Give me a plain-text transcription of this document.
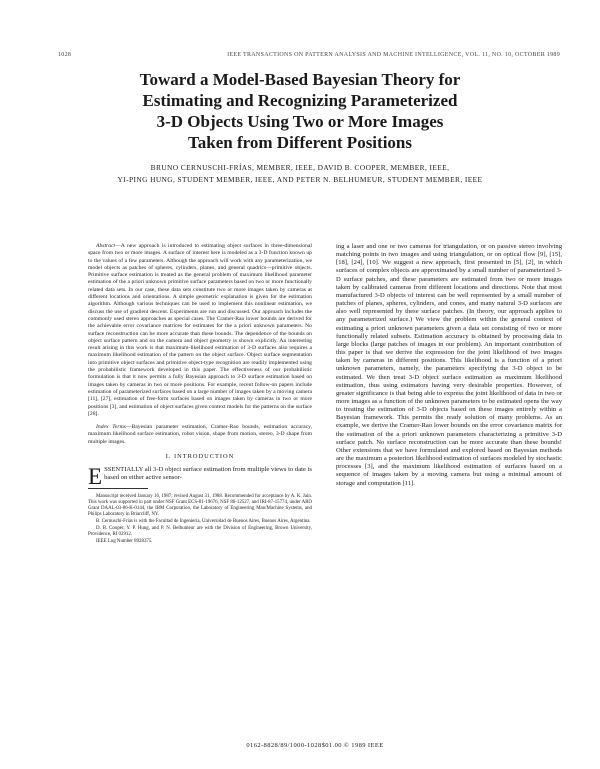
1028	IEEE TRANSACTIONS ON PATTERN ANALYSIS AND MACHINE INTELLIGENCE, VOL. 11, NO. 10, OCTOBER 1989
Toward a Model-Based Bayesian Theory for
Estimating and Recognizing Parameterized
3-D Objects Using Two or More Images
Taken from Different Positions
BRUNO CERNUSCHI-FRÍAS, MEMBER, IEEE, DAVID B. COOPER, MEMBER, IEEE,
YI-PING HUNG, STUDENT MEMBER, IEEE, AND PETER N. BELHUMEUR, STUDENT MEMBER, IEEE

Abstract—A new approach is introduced to estimating object surfaces in three-dimensional space from two or more images. A surface of interest here is modeled as a 3-D function known up to the values of a few parameters. Although the approach will work with any parameterization, we model objects as patches of spheres, cylinders, planes, and general quadrics—primitive objects. Primitive surface estimation is treated as the general problem of maximum likelihood parameter estimation of the a priori unknown primitive surface parameters based on two or more functionally related data sets. In our case, these data sets constitute two or more images taken by cameras at different locations and orientations. A simple geometric explanation is given for the estimation algorithm. Although various techniques can be used to implement this nonlinear estimation, we discuss the use of gradient descent. Experiments are run and discussed. Our approach includes the commonly used stereo approaches as special cases. The Cramer-Rao lower bounds are derived for the achievable error covariance matrices for estimates for the a priori unknown parameters. No surface reconstruction can be more accurate than these bounds. The dependence of the bounds on object surface pattern and on the camera and object geometry is shown explicitly. An interesting result arising in this work is that maximum-likelihood estimation of 3-D surfaces also requires a maximum likelihood estimation of the pattern on the object surface. Object surface segmentation into primitive object surfaces and primitive object-type recognition are readily implemented using the probabilistic framework developed in this paper. The effectiveness of our probabilistic formulation is that it now permits a fully Bayesian approach to 3-D surface estimation based on images taken by cameras in two or more positions. For example, recent follow-on papers include estimation of parameterized surfaces based on a large number of images taken by a moving camera [11], [27], estimation of free-form surfaces based on images taken by cameras in two or more positions [3], and estimation of object surfaces given context models for the patterns on the surface [28].

Index Terms—Bayesian parameter estimation, Cramer-Rao bounds, estimation accuracy, maximum likelihood surface estimation, robot vision, shape from motion, stereo, 3-D shape from multiple images.

I. INTRODUCTION

ESSENTIALLY all 3-D object surface estimation from multiple views to date is based on either active sensor-

Manuscript received January 16, 1987; revised August 31, 1988. Recommended for acceptance by A. K. Jain. This work was supported in part under NSF Grant ECS-81-19676, NSF 86-12527, and IRI-87-15774, under ARO Grant DAAL-03-86-K-0144, the IBM Corporation, the Laboratory of Engineering Man/Machine Systems, and Philips Laboratory in Briarcliff, NY.

B. Cernuschi-Frías is with the Facultad de Ingeniería, Universidad de Buenos Aires, Buenos Aires, Argentina.

D. B. Cooper, Y. P. Hung, and P. N. Belhumeur are with the Division of Engineering, Brown University, Providence, RI 02912.

IEEE Log Number 8928375.

ing a laser and one or two cameras for triangulation, or on passive stereo involving matching points in two images and using triangulation, or on optical flow [9], [15], [18], [24], [10]. We suggest a new approach, first presented in [5], [2], in which surfaces of complex objects are approximated by a small number of parameterized 3-D surface patches, and these parameters are estimated from two or more images taken by calibrated cameras from different locations and directions. Note that most manufactured 3-D objects of interest can be well represented by a small number of patches of planes, spheres, cylinders, and cones, and many natural 3-D surfaces are also well represented by these surface patches. (In theory, our approach applies to any parameterized surface.) We view the problem within the general context of estimating a priori unknown parameters given a data set consisting of two or more functionally related subsets. Estimation accuracy is obtained by processing data in large blocks (large patches of images in our problem). An important contribution of this paper is that we derive the expression for the joint likelihood of two images taken by cameras in different positions. This likelihood is a function of a priori unknown parameters, namely, the parameters specifying the 3-D object to be estimated. We then treat 3-D object surface estimation as maximum likelihood estimation, thus using estimators having very desirable properties. However, of greater significance is that being able to express the joint likelihood of data in two or more images as a function of the unknown parameters to be estimated opens the way to treating the estimation of 3-D objects based on these images entirely within a Bayesian framework. This permits the ready solution of many problems. As an example, we derive the Cramer-Rao lower bounds on the error covariance matrix for the estimation of the a priori unknown parameters characterizing a primitive 3-D surface patch. No surface reconstruction can be more accurate than these bounds! Other extensions that we have formulated and explored based on Bayesian methods are the maximum a posteriori likelihood estimation of surfaces modeled by stochastic processes [3], and the maximum likelihood estimation of surfaces based on a sequence of images taken by a moving camera but using a minimal amount of storage and computation [11].

0162-8828/89/1000-1028$01.00 © 1989 IEEE
